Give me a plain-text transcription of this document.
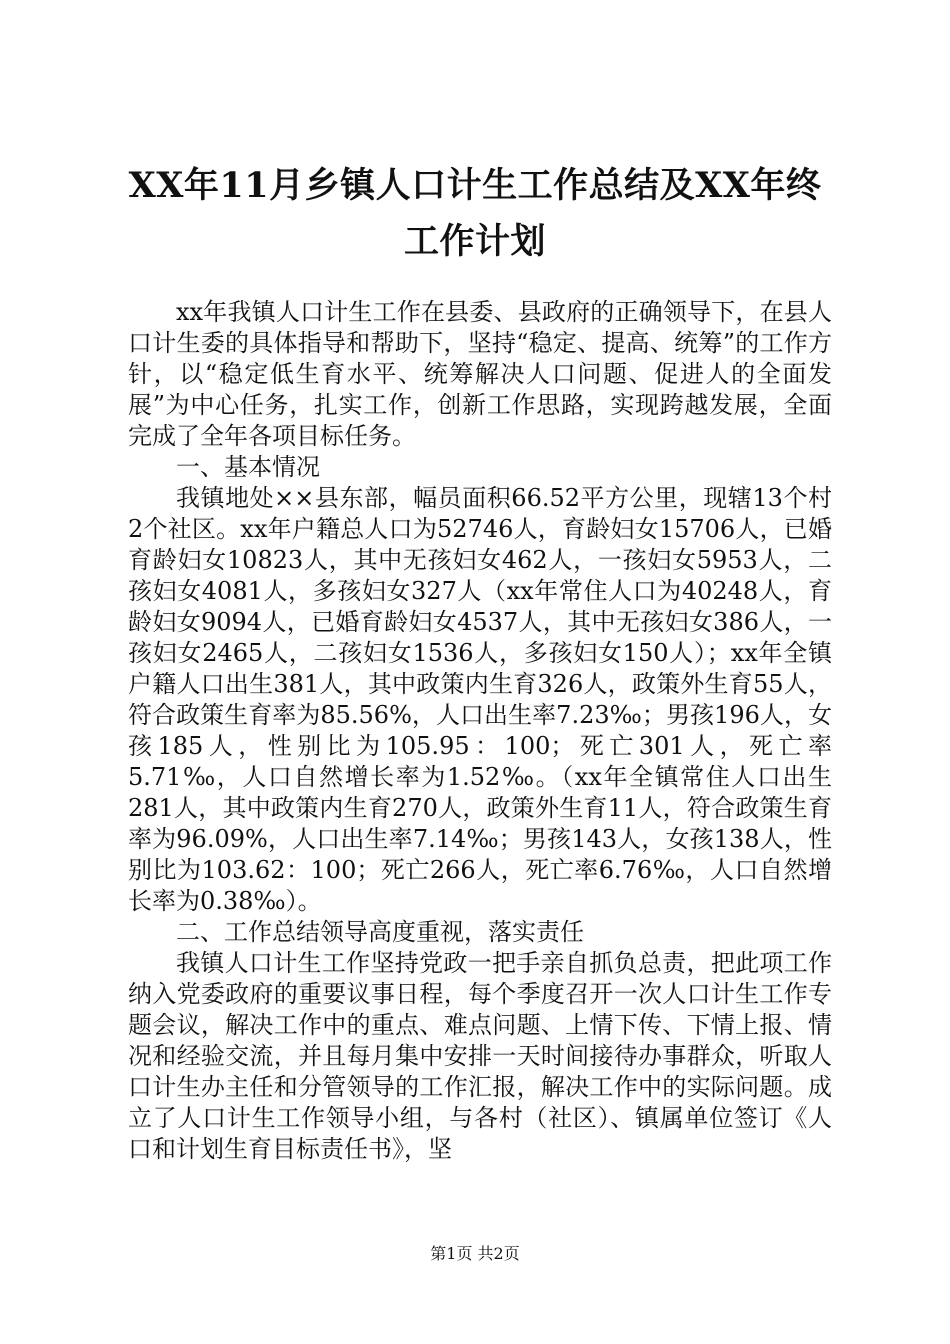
XX年11月乡镇人口计生工作总结及XX年终工作计划

xx年我镇人口计生工作在县委、县政府的正确领导下，在县人口计生委的具体指导和帮助下，坚持“稳定、提高、统筹”的工作方针，以“稳定低生育水平、统筹解决人口问题、促进人的全面发展”为中心任务，扎实工作，创新工作思路，实现跨越发展，全面完成了全年各项目标任务。

一、基本情况

我镇地处××县东部，幅员面积66.52平方公里，现辖13个村2个社区。xx年户籍总人口为52746人，育龄妇女15706人，已婚育龄妇女10823人，其中无孩妇女462人，一孩妇女5953人，二孩妇女4081人，多孩妇女327人（xx年常住人口为40248人，育龄妇女9094人，已婚育龄妇女4537人，其中无孩妇女386人，一孩妇女2465人，二孩妇女1536人，多孩妇女150人）；xx年全镇户籍人口出生381人，其中政策内生育326人，政策外生育55人，符合政策生育率为85.56%，人口出生率7.23‰；男孩196人，女孩185人，性别比为105.95：100；死亡301人，死亡率5.71‰，人口自然增长率为1.52‰。（xx年全镇常住人口出生281人，其中政策内生育270人，政策外生育11人，符合政策生育率为96.09%，人口出生率7.14‰；男孩143人，女孩138人，性别比为103.62：100；死亡266人，死亡率6.76‰，人口自然增长率为0.38‰）。

二、工作总结领导高度重视，落实责任

我镇人口计生工作坚持党政一把手亲自抓负总责，把此项工作纳入党委政府的重要议事日程，每个季度召开一次人口计生工作专题会议，解决工作中的重点、难点问题、上情下传、下情上报、情况和经验交流，并且每月集中安排一天时间接待办事群众，听取人口计生办主任和分管领导的工作汇报，解决工作中的实际问题。成立了人口计生工作领导小组，与各村（社区）、镇属单位签订《人口和计划生育目标责任书》，坚

第1页 共2页
